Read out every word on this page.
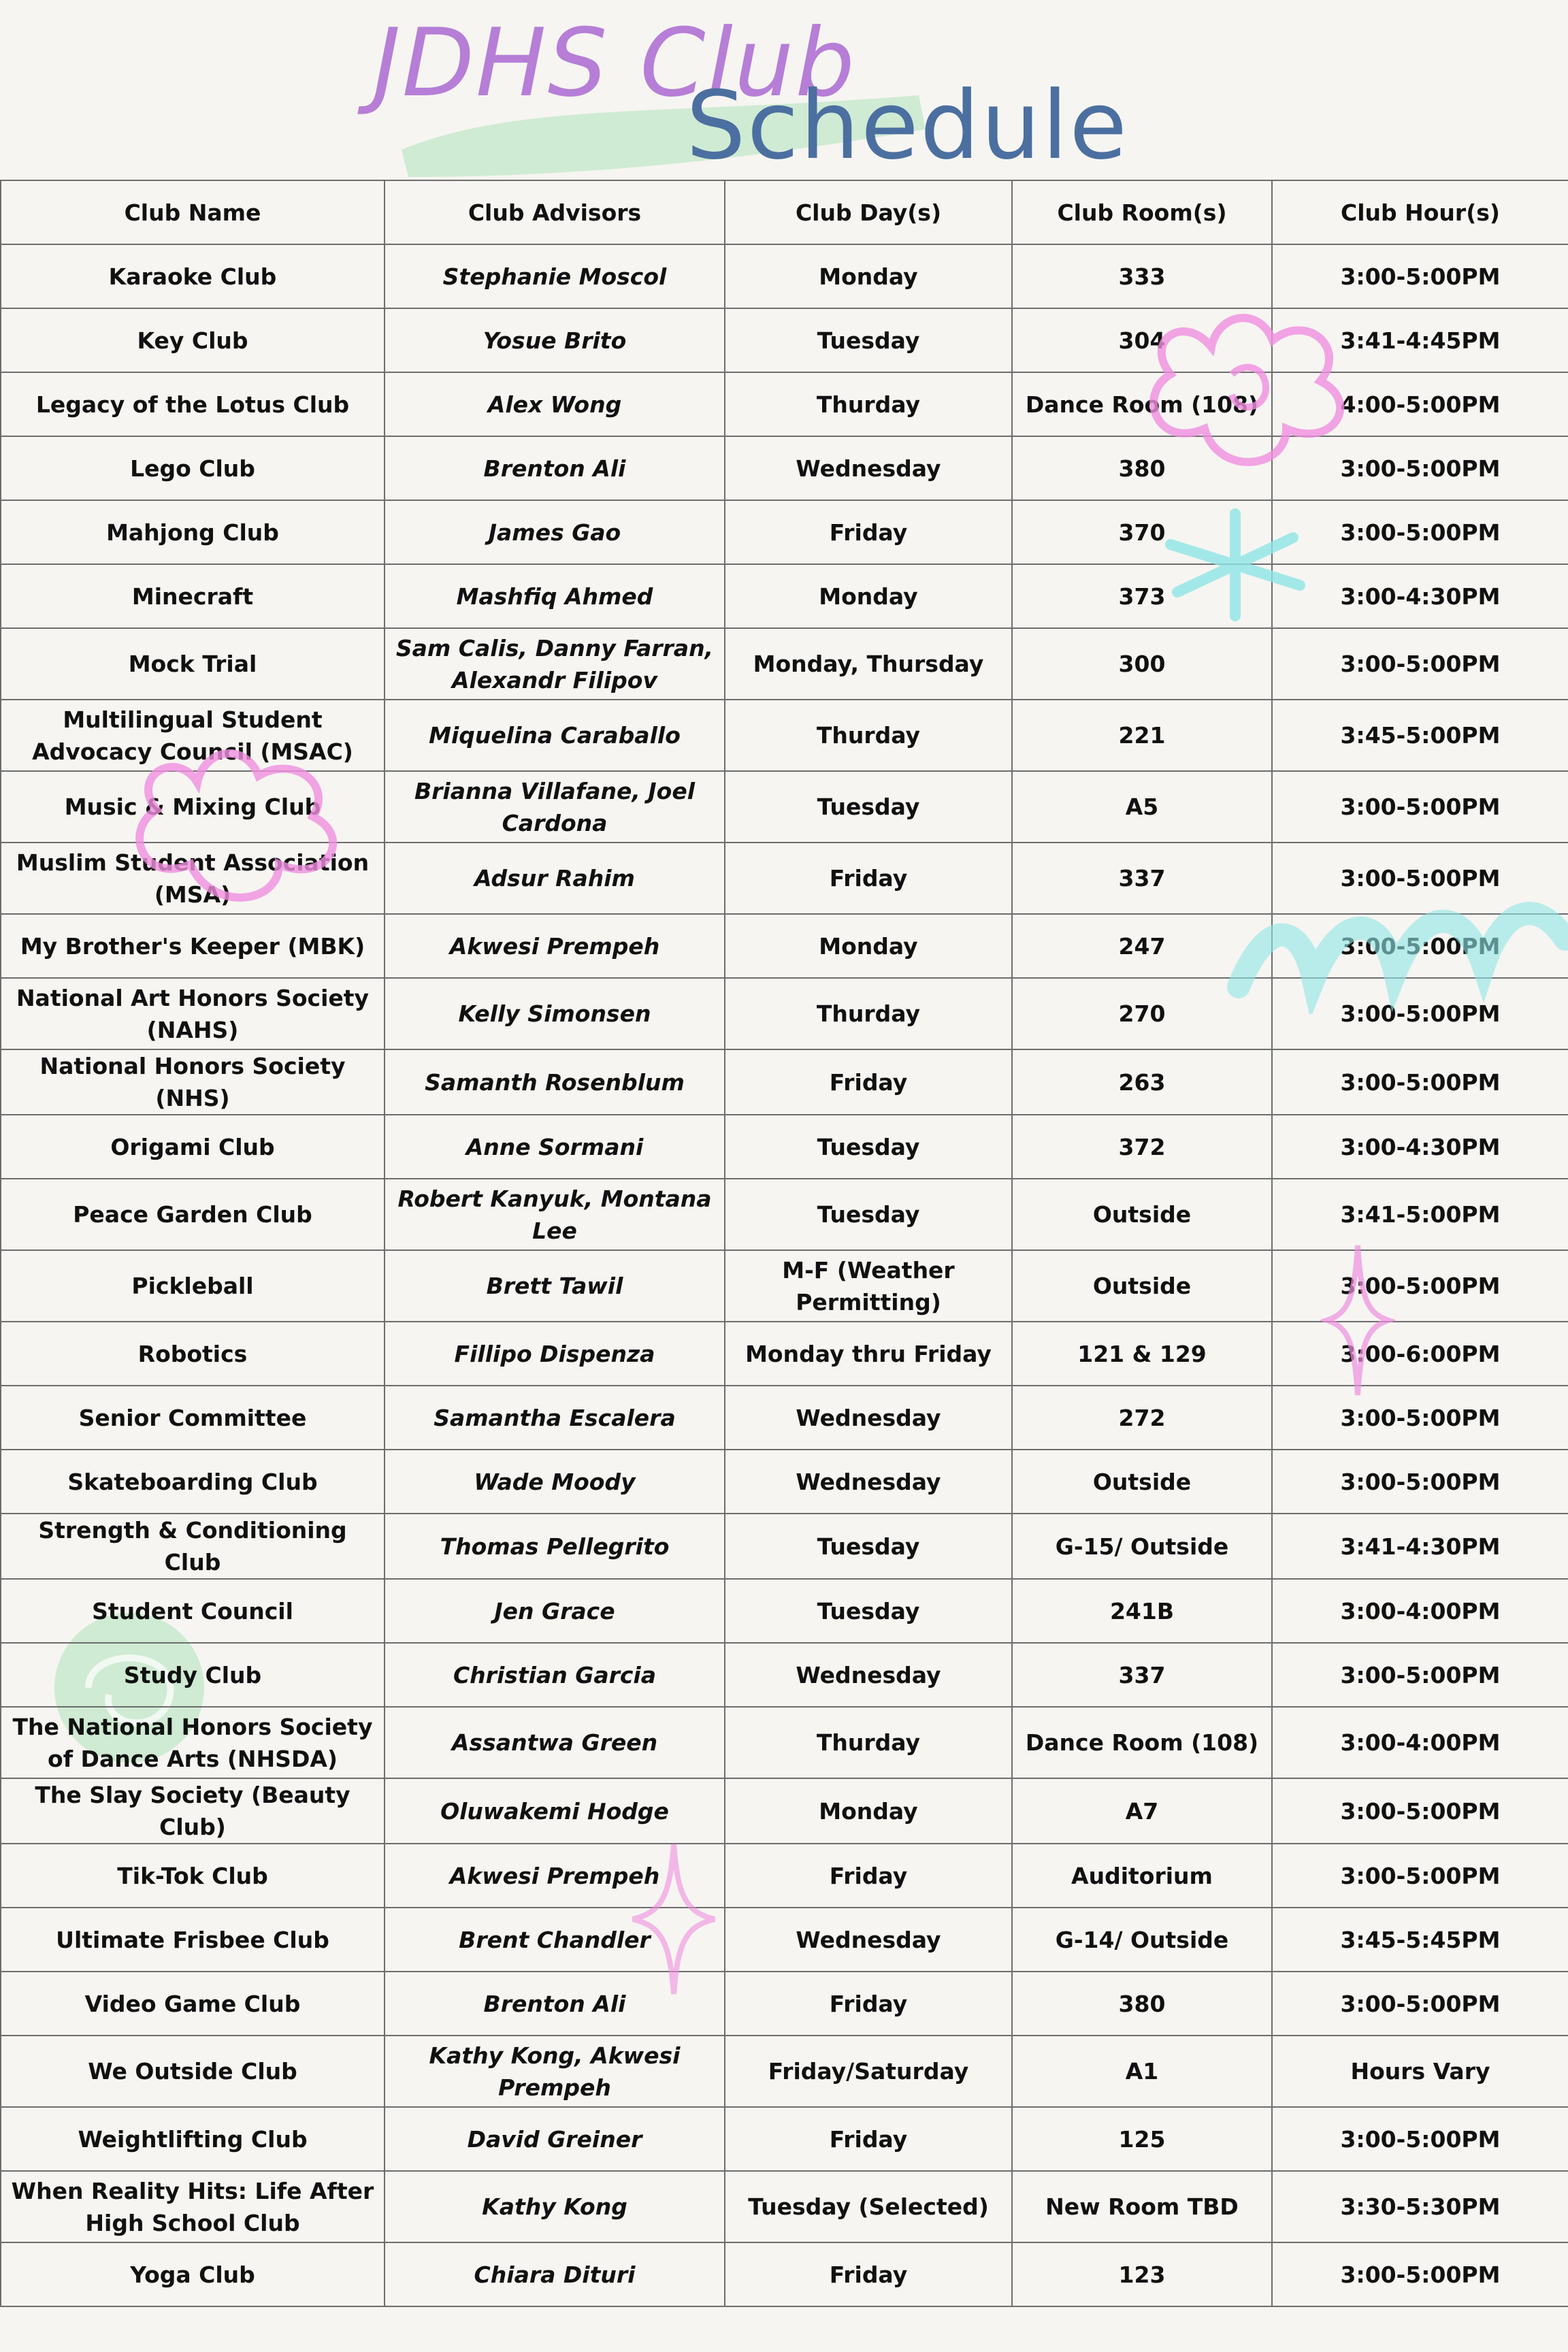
JDHS Club
Schedule
Club Name	Club Advisors	Club Day(s)	Club Room(s)	Club Hour(s)
Karaoke Club	Stephanie Moscol	Monday	333	3:00-5:00PM
Key Club	Yosue Brito	Tuesday	304	3:41-4:45PM
Legacy of the Lotus Club	Alex Wong	Thurday	Dance Room (108)	4:00-5:00PM
Lego Club	Brenton Ali	Wednesday	380	3:00-5:00PM
Mahjong Club	James Gao	Friday	370	3:00-5:00PM
Minecraft	Mashfiq Ahmed	Monday	373	3:00-4:30PM
Mock Trial	Sam Calis, Danny Farran, Alexandr Filipov	Monday, Thursday	300	3:00-5:00PM
Multilingual Student Advocacy Council (MSAC)	Miquelina Caraballo	Thurday	221	3:45-5:00PM
Music & Mixing Club	Brianna Villafane, Joel Cardona	Tuesday	A5	3:00-5:00PM
Muslim Student Association (MSA)	Adsur Rahim	Friday	337	3:00-5:00PM
My Brother's Keeper (MBK)	Akwesi Prempeh	Monday	247	3:00-5:00PM
National Art Honors Society (NAHS)	Kelly Simonsen	Thurday	270	3:00-5:00PM
National Honors Society (NHS)	Samanth Rosenblum	Friday	263	3:00-5:00PM
Origami Club	Anne Sormani	Tuesday	372	3:00-4:30PM
Peace Garden Club	Robert Kanyuk, Montana Lee	Tuesday	Outside	3:41-5:00PM
Pickleball	Brett Tawil	M-F (Weather Permitting)	Outside	3:00-5:00PM
Robotics	Fillipo Dispenza	Monday thru Friday	121 & 129	3:00-6:00PM
Senior Committee	Samantha Escalera	Wednesday	272	3:00-5:00PM
Skateboarding Club	Wade Moody	Wednesday	Outside	3:00-5:00PM
Strength & Conditioning Club	Thomas Pellegrito	Tuesday	G-15/ Outside	3:41-4:30PM
Student Council	Jen Grace	Tuesday	241B	3:00-4:00PM
Study Club	Christian Garcia	Wednesday	337	3:00-5:00PM
The National Honors Society of Dance Arts (NHSDA)	Assantwa Green	Thurday	Dance Room (108)	3:00-4:00PM
The Slay Society (Beauty Club)	Oluwakemi Hodge	Monday	A7	3:00-5:00PM
Tik-Tok Club	Akwesi Prempeh	Friday	Auditorium	3:00-5:00PM
Ultimate Frisbee Club	Brent Chandler	Wednesday	G-14/ Outside	3:45-5:45PM
Video Game Club	Brenton Ali	Friday	380	3:00-5:00PM
We Outside Club	Kathy Kong, Akwesi Prempeh	Friday/Saturday	A1	Hours Vary
Weightlifting Club	David Greiner	Friday	125	3:00-5:00PM
When Reality Hits: Life After High School Club	Kathy Kong	Tuesday (Selected)	New Room TBD	3:30-5:30PM
Yoga Club	Chiara Dituri	Friday	123	3:00-5:00PM
